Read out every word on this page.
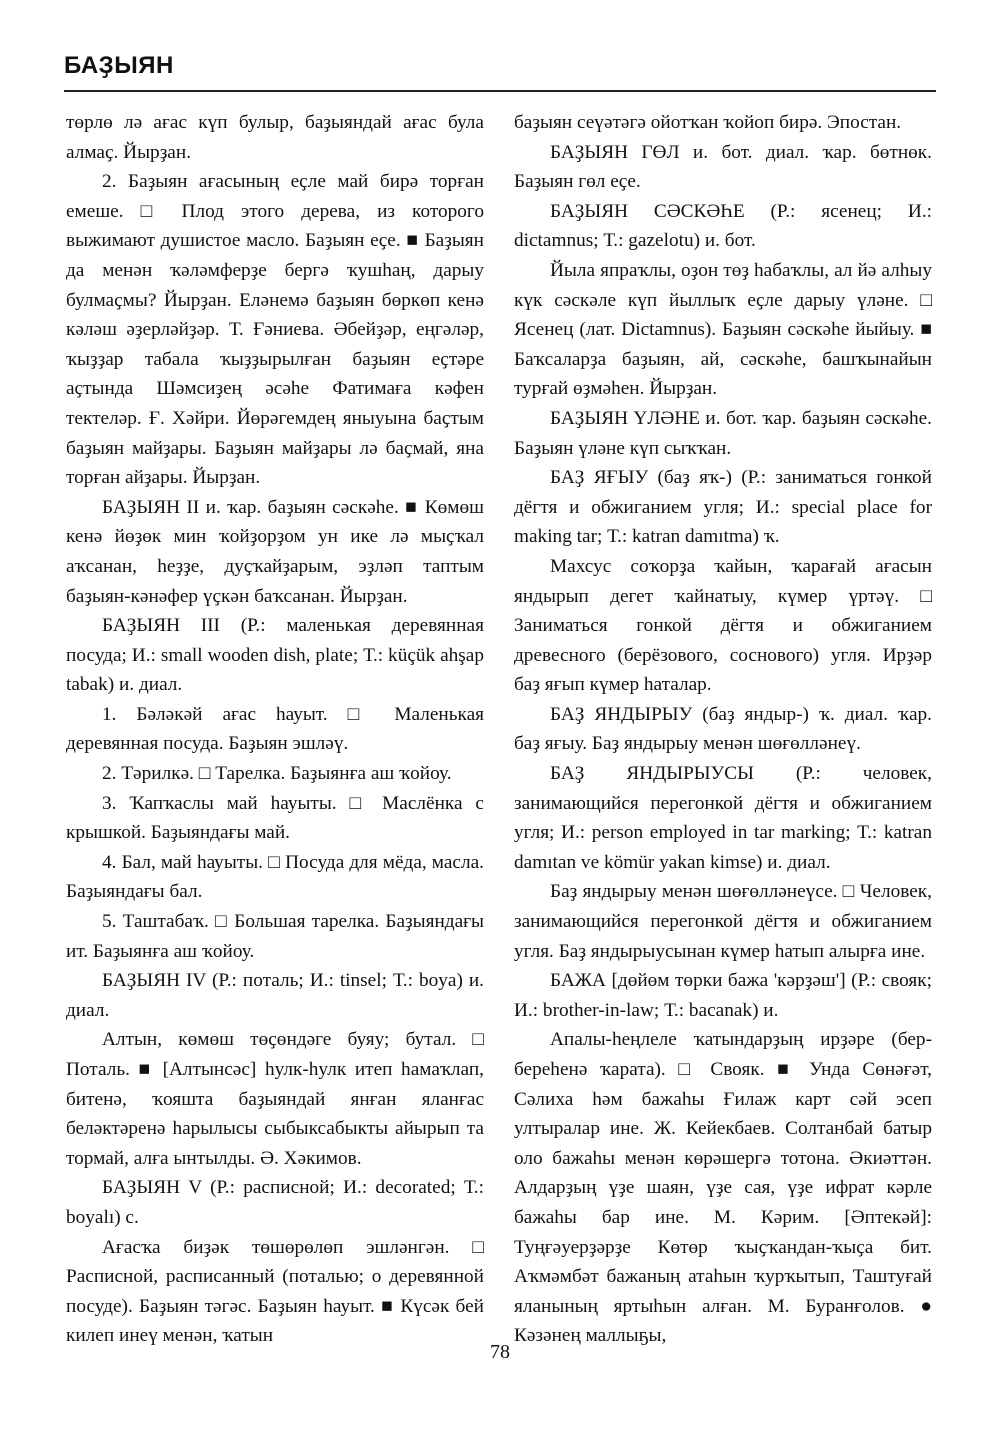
БАҘЫЯН

төрлө лә ағас күп булыр, баҙыяндай ағас була алмаҫ. Йырҙан.

2. Баҙыян ағасының еҫле май бирә торған емеше. □ Плод этого дерева, из которого выжимают душистое масло. Баҙыян еҫе. ■ Баҙыян да менән ҡәләмферҙе бергә ҡушһаң, дарыу булмаҫмы? Йырҙан. Еләнемә баҙыян бөркөп кенә кәләш әҙерләйҙәр. Т. Ғәниева. Әбейҙәр, еңгәләр, ҡыҙҙар табала ҡыҙҙырылған баҙыян еҫтәре аҫтында Шәмсиҙең әсәһе Фатимаға кәфен тектеләр. Ғ. Хәйри. Йөрәгемдең яныуына баҫтым баҙыян майҙары. Баҙыян майҙары лә баҫмай, яна торған айҙары. Йырҙан.

БАҘЫЯН II и. ҡар. баҙыян сәскәһе. ■ Көмөш кенә йөҙөк мин ҡойҙорҙом ун ике лә мыҫҡал аҡсанан, һеҙҙе, дуҫҡайҙарым, эҙләп таптым баҙыян-кәнәфер үҫкән баҡсанан. Йырҙан.

БАҘЫЯН III (Р.: маленькая деревянная посуда; И.: small wooden dish, plate; Т.: küçük ahşap tabak) и. диал.

1. Бәләкәй ағас һауыт. □ Маленькая деревянная посуда. Баҙыян эшләү.

2. Тәрилкә. □ Тарелка. Баҙыянға аш ҡойоу.

3. Ҡапҡаслы май һауыты. □ Маслёнка с крышкой. Баҙыяндағы май.

4. Бал, май һауыты. □ Посуда для мёда, масла. Баҙыяндағы бал.

5. Таштабаҡ. □ Большая тарелка. Баҙыяндағы ит. Баҙыянға аш ҡойоу.

БАҘЫЯН IV (Р.: поталь; И.: tinsel; Т.: boya) и. диал.

Алтын, көмөш төҫөндәге буяу; бутал. □ Поталь. ■ [Алтынсәс] һулк-һулк итеп һамаҡлап, битенә, ҡояшта баҙыяндай янған яланғас беләктәренә һарылысы сыбыксабыкты айырып та тормай, алға ынтылды. Ә. Хәкимов.

БАҘЫЯН V (Р.: расписной; И.: decorated; Т.: boyalı) с.

Ағасҡа биҙәк төшөрөлөп эшләнгән. □ Расписной, расписанный (поталью; о деревянной посуде). Баҙыян тәгәс. Баҙыян һауыт. ■ Күсәк бей килеп инеү менән, ҡатын

баҙыян сеүәтәгә ойотҡан ҡойоп бирә. Эпостан.

БАҘЫЯН ГӨЛ и. бот. диал. ҡар. бөтнөк. Баҙыян гөл еҫе.

БАҘЫЯН СӘСКӘҺЕ (Р.: ясенец; И.: dictamnus; Т.: gazelotu) и. бот.

Йыла япраҡлы, оҙон төҙ һабаҡлы, ал йә алһыу күк сәскәле күп йыллыҡ еҫле дарыу үләне. □ Ясенец (лат. Dictamnus). Баҙыян сәскәһе йыйыу. ■ Баҡсаларҙа баҙыян, ай, сәскәһе, башҡынайын турғай өҙмәһен. Йырҙан.

БАҘЫЯН ҮЛӘНЕ и. бот. ҡар. баҙыян сәскәһе. Баҙыян үләне күп сыҡҡан.

БАҘ ЯҒЫУ (баҙ яҡ-) (Р.: заниматься гонкой дёгтя и обжиганием угля; И.: special place for making tar; Т.: katran damıtma) ҡ.

Махсус соҡорҙа ҡайын, ҡарағай ағасын яндырып дегет ҡайнатыу, күмер үртәү. □ Заниматься гонкой дёгтя и обжиганием древесного (берёзового, соснового) угля. Ирҙәр баҙ яғып күмер һаталар.

БАҘ ЯНДЫРЫУ (баҙ яндыр-) ҡ. диал. ҡар. баҙ яғыу. Баҙ яндырыу менән шөғөлләнеү.

БАҘ ЯНДЫРЫУСЫ (Р.: человек, занимающийся перегонкой дёгтя и обжиганием угля; И.: person employed in tar marking; Т.: katran damıtan ve kömür yakan kimse) и. диал.

Баҙ яндырыу менән шөғөлләнеүсе. □ Человек, занимающийся перегонкой дёгтя и обжиганием угля. Баҙ яндырыусынан күмер һатып алырға ине.

БАЖА [дөйөм төрки бажа 'кәрҙәш'] (Р.: свояк; И.: brother-in-law; Т.: bacanak) и.

Апалы-һеңлеле ҡатындарҙың ирҙәре (бер-береһенә ҡарата). □ Свояк. ■ Унда Сөнәғәт, Сәлиха һәм бажаһы Ғилаж карт сәй эсеп ултыралар ине. Ж. Кейекбаев. Солтанбай батыр оло бажаһы менән көрәшергә тотона. Әкиәттән. Алдарҙың үҙе шаян, үҙе сая, үҙе ифрат кәрле бажаһы бар ине. М. Кәрим. [Әптекәй]: Туңғәуерҙәрҙе Көтөр ҡыҫҡандан-ҡыҫа бит. Аҡмәмбәт бажаның атаһын ҡурҡытып, Таштуғай яланының яртыһын алған. М. Буранғолов. ● Кәзәнең маллыҕы,

78
